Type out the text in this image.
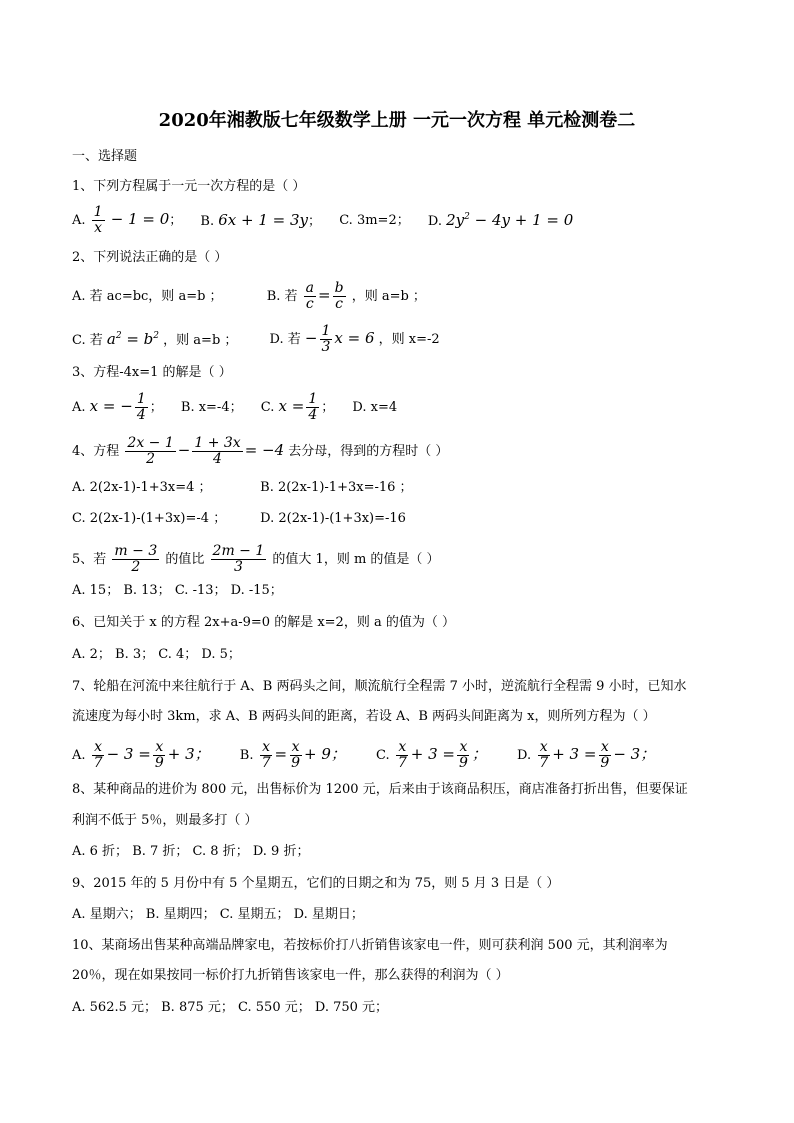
2020年湘教版七年级数学上册 一元一次方程 单元检测卷二
一、选择题
1、下列方程属于一元一次方程的是（ ）
A. $\frac{1}{x} - 1 = 0$； B. 6x + 1 = 3y； C. 3m=2； D. $2y^2 - 4y + 1 = 0$
2、下列说法正确的是（ ）
A. 若 ac=bc，则 a=b ；	B. 若 $\frac{a}{c} = \frac{b}{c}$ ，则 a=b ；
C. 若 $a^2 = b^2$ ，则 a=b ； D. 若 − $\frac{1}{3}$ x = 6 ，则 x=-2
3、方程-4x=1 的解是（ ）
A. x = − $\frac{1}{4}$ ； B. x=-4； C. $x = \frac{1}{4}$ ； D. x=4
4、方程 $\frac{2x - 1}{2} - \frac{1 + 3x}{4} = -4$ 去分母，得到的方程时（ ）
A. 2(2x-1)-1+3x=4 ；	B. 2(2x-1)-1+3x=-16 ；
C. 2(2x-1)-(1+3x)=-4 ；	D. 2(2x-1)-(1+3x)=-16
5、若 $\frac{m - 3}{2}$ 的值比 $\frac{2m - 1}{3}$ 的值大 1，则 m 的值是（ ）
A. 15； B. 13； C. -13； D. -15；
6、已知关于 x 的方程 2x+a-9=0 的解是 x=2，则 a 的值为（ ）
A. 2； B. 3； C. 4； D. 5；
7、轮船在河流中来往航行于 A、B 两码头之间，顺流航行全程需 7 小时，逆流航行全程需 9 小时，已知水
流速度为每小时 3km，求 A、B 两码头间的距离，若设 A、B 两码头间距离为 x，则所列方程为（ ）
A. $\frac{x}{7} - 3 = \frac{x}{9} + 3$； B. $\frac{x}{7} = \frac{x}{9} + 9$； C. $\frac{x}{7} + 3 = \frac{x}{9}$ ； D. $\frac{x}{7} + 3 = \frac{x}{9} - 3$；
8、某种商品的进价为 800 元，出售标价为 1200 元，后来由于该商品积压，商店准备打折出售，但要保证
利润不低于 5％，则最多打（ ）
A. 6 折； B. 7 折； C. 8 折； D. 9 折；
9、2015 年的 5 月份中有 5 个星期五，它们的日期之和为 75，则 5 月 3 日是（ ）
A. 星期六； B. 星期四； C. 星期五； D. 星期日；
10、某商场出售某种高端品牌家电，若按标价打八折销售该家电一件，则可获利润 500 元，其利润率为
20％，现在如果按同一标价打九折销售该家电一件，那么获得的利润为（ ）
A. 562.5 元； B. 875 元； C. 550 元； D. 750 元；
